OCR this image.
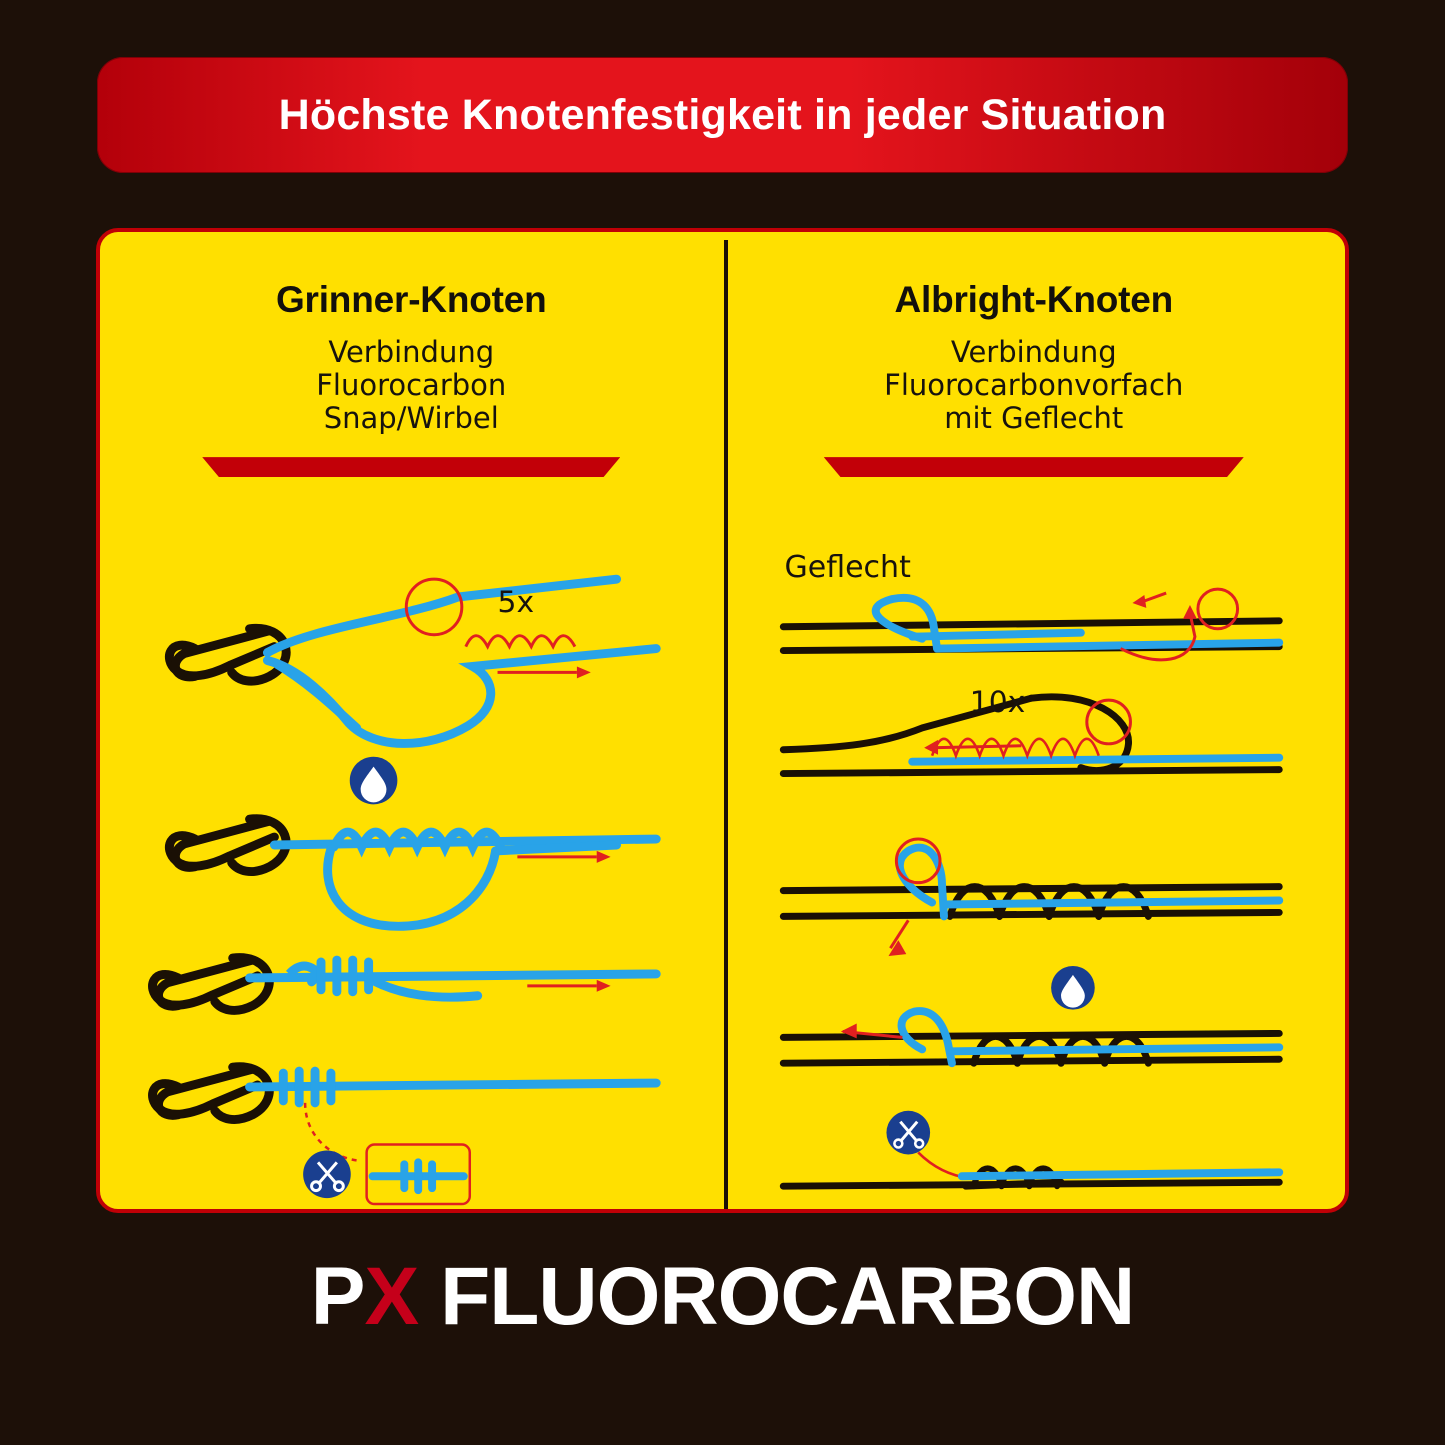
Höchste Knotenfestigkeit in jeder Situation
Grinner-Knoten
Verbindung
Fluorocarbon
Snap/Wirbel
5x
Albright-Knoten
Verbindung
Fluorocarbonvorfach
mit Geflecht
Geflecht
10x
PX FLUOROCARBON
